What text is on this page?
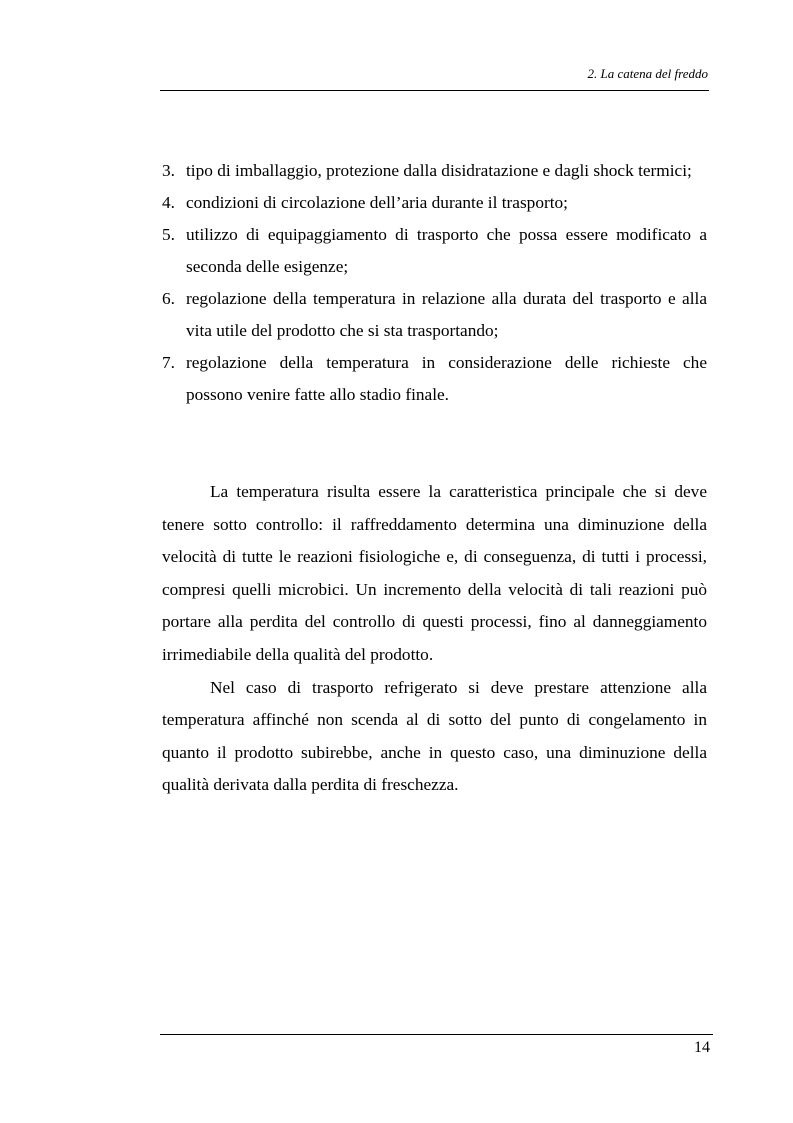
2. La catena del freddo
3. tipo di imballaggio, protezione dalla disidratazione e dagli shock termici;
4. condizioni di circolazione dell’aria durante il trasporto;
5. utilizzo di equipaggiamento di trasporto che possa essere modificato a seconda delle esigenze;
6. regolazione della temperatura in relazione alla durata del trasporto e alla vita utile del prodotto che si sta trasportando;
7. regolazione della temperatura in considerazione delle richieste che possono venire fatte allo stadio finale.

La temperatura risulta essere la caratteristica principale che si deve tenere sotto controllo: il raffreddamento determina una diminuzione della velocità di tutte le reazioni fisiologiche e, di conseguenza, di tutti i processi, compresi quelli microbici. Un incremento della velocità di tali reazioni può portare alla perdita del controllo di questi processi, fino al danneggiamento irrimediabile della qualità del prodotto.

Nel caso di trasporto refrigerato si deve prestare attenzione alla temperatura affinché non scenda al di sotto del punto di congelamento in quanto il prodotto subirebbe, anche in questo caso, una diminuzione della qualità derivata dalla perdita di freschezza.

14
